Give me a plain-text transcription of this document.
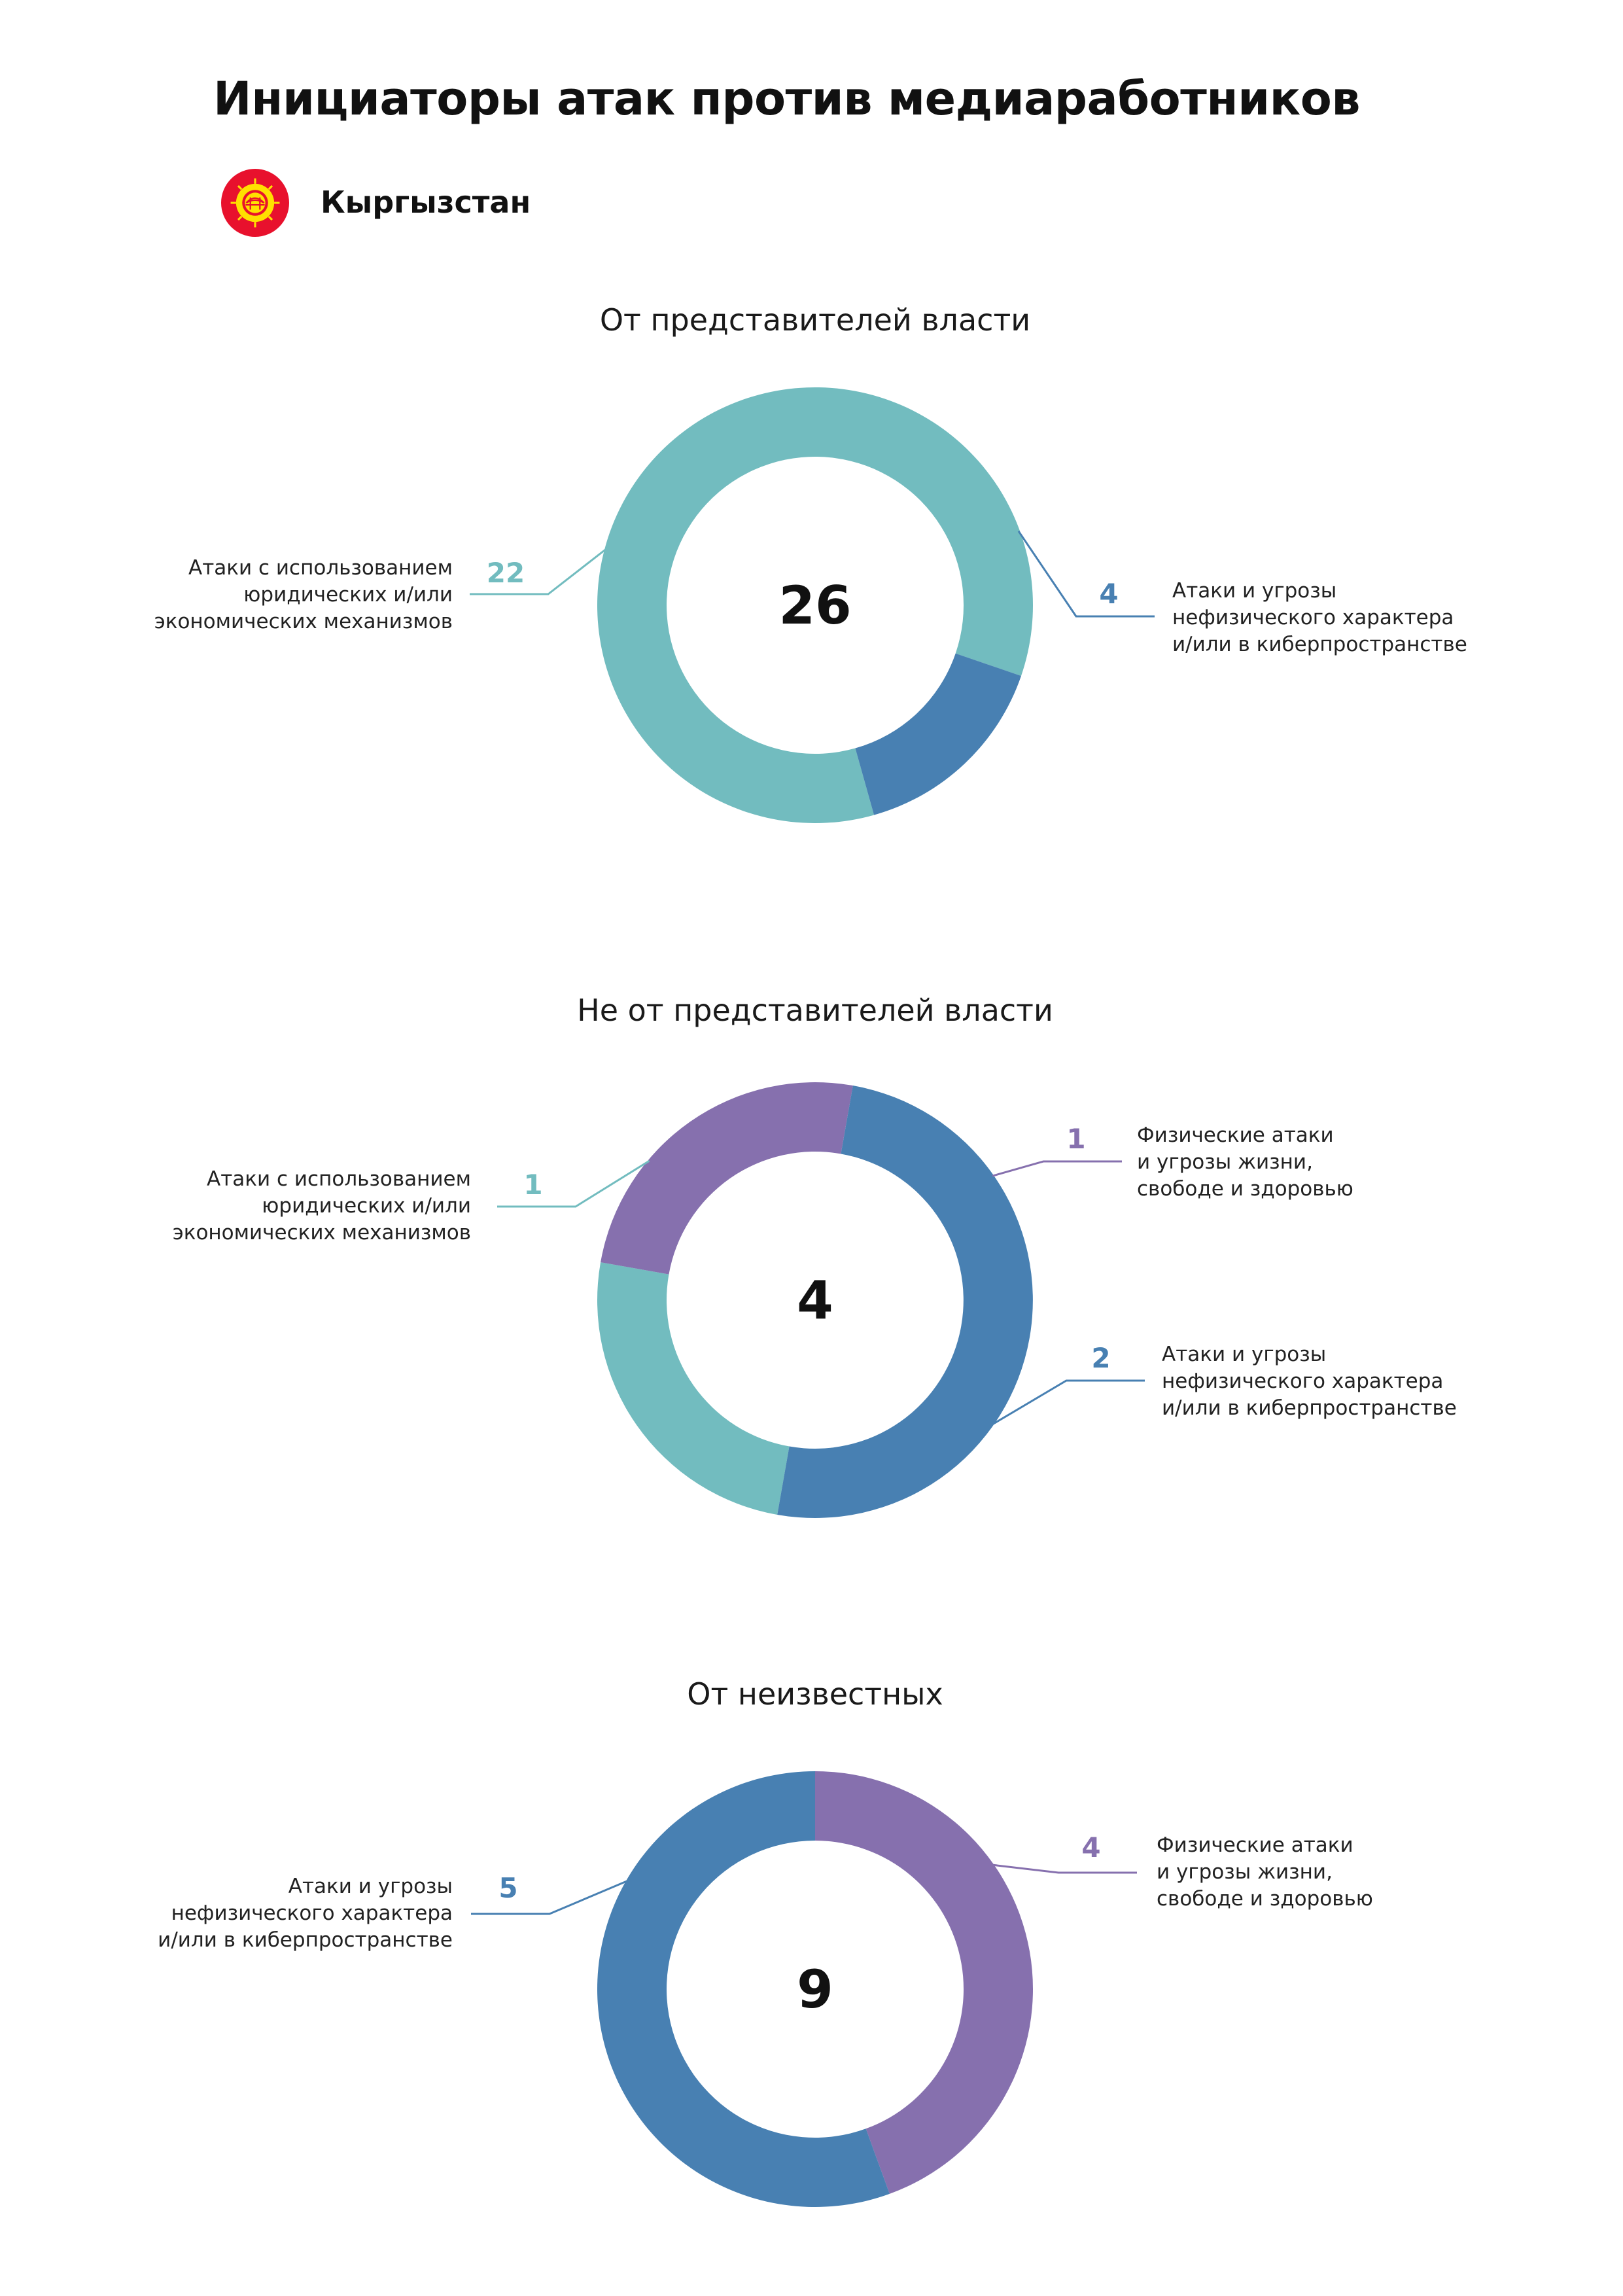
Инициаторы атак против медиаработников
Кыргызстан
От представителей власти
26
22
Атаки с использованием
юридических и/или
экономических механизмов
4	Атаки и угрозы
нефизического характера
и/или в киберпространстве
Не от представителей власти
4
1
Атаки с использованием
юридических и/или
экономических механизмов
1	Физические атаки
и угрозы жизни,
свободе и здоровью
2	Атаки и угрозы
нефизического характера
и/или в киберпространстве
От неизвестных
9
4	Физические атаки
и угрозы жизни,
свободе и здоровью
5
Атаки и угрозы
нефизического характера
и/или в киберпространстве
